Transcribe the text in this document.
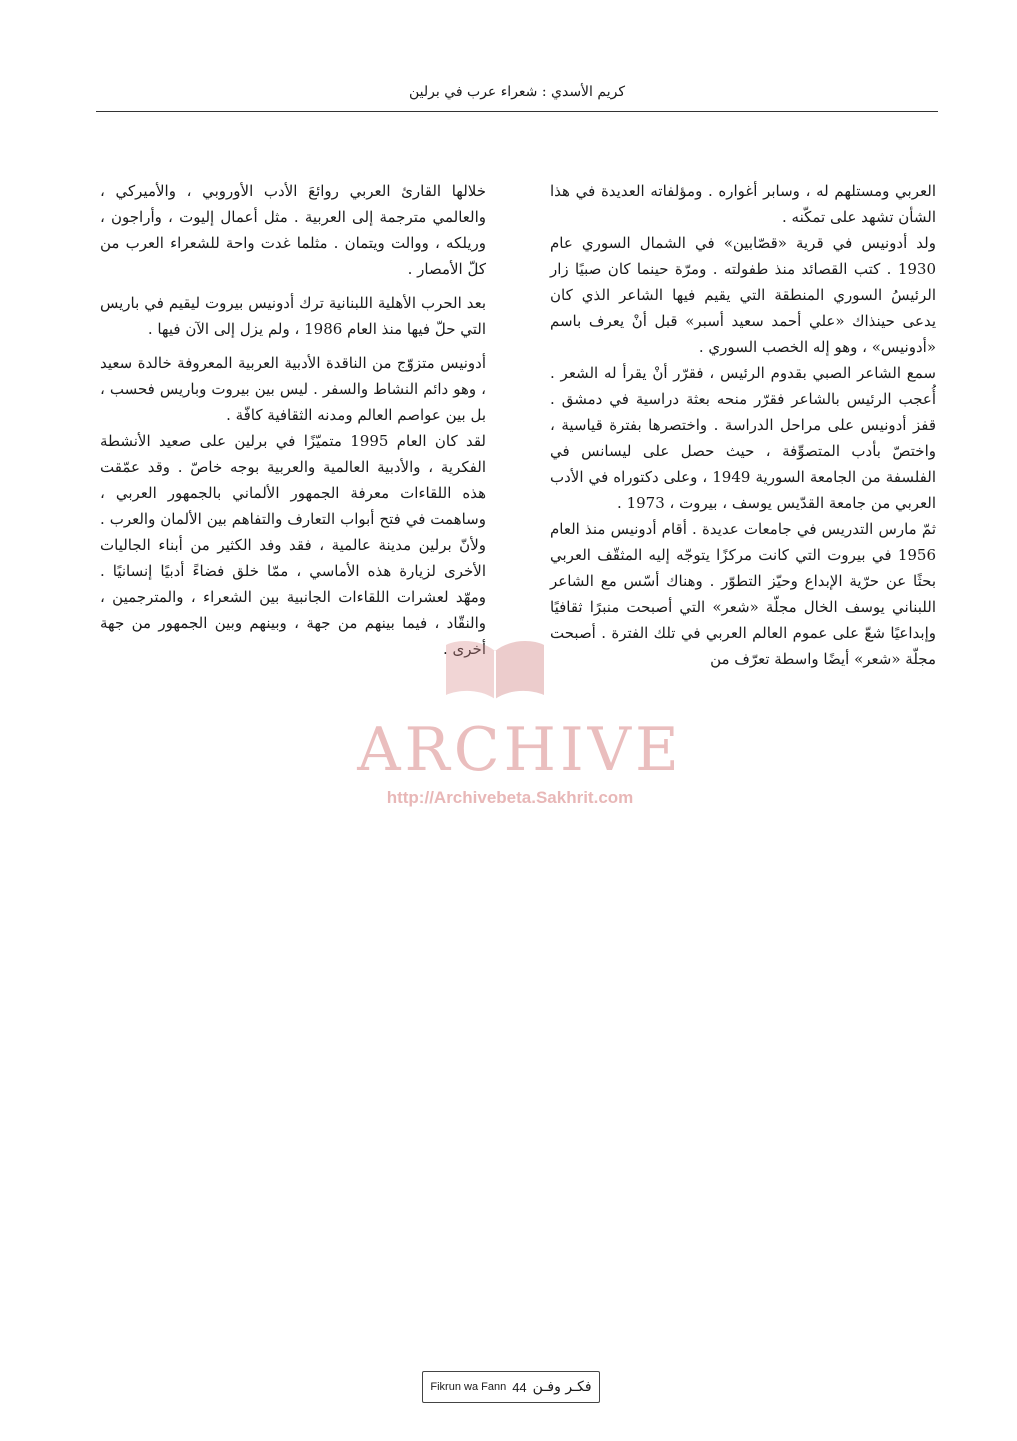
كريم الأسدي : شعراء عرب في برلين

العربي ومستلهم له ، وسابر أغواره . ومؤلفاته العديدة في هذا الشأن تشهد على تمكّنه .

ولد أدونيس في قرية «قصّابين» في الشمال السوري عام 1930 . كتب القصائد منذ طفولته . ومرّة حينما كان صبيًا زار الرئيسُ السوري المنطقة التي يقيم فيها الشاعر الذي كان يدعى حينذاك «علي أحمد سعيد أسبر» قبل أنْ يعرف باسم «أدونيس» ، وهو إله الخصب السوري .

سمع الشاعر الصبي بقدوم الرئيس ، فقرّر أنْ يقرأ له الشعر . أُعجب الرئيس بالشاعر فقرّر منحه بعثة دراسية في دمشق . قفز أدونيس على مراحل الدراسة . واختصرها بفترة قياسية ، واختصّ بأدب المتصوِّفة ، حيث حصل على ليسانس في الفلسفة من الجامعة السورية 1949 ، وعلى دكتوراه في الأدب العربي من جامعة القدّيس يوسف ، بيروت ، 1973 .

ثمّ مارس التدريس في جامعات عديدة . أقام أدونيس منذ العام 1956 في بيروت التي كانت مركزًا يتوجّه إليه المثقّف العربي بحثًا عن حرّية الإبداع وحيّز التطوّر . وهناك أسّس مع الشاعر اللبناني يوسف الخال مجلّة «شعر» التي أصبحت منبرًا ثقافيًا وإبداعيًا شعّ على عموم العالم العربي في تلك الفترة . أصبحت مجلّة «شعر» أيضًا واسطة تعرّف من

خلالها القارئ العربي روائعَ الأدب الأوروبي ، والأميركي ، والعالمي مترجمة إلى العربية . مثل أعمال إليوت ، وأراجون ، وريلكه ، ووالت ويتمان . مثلما غدت واحة للشعراء العرب من كلّ الأمصار .

بعد الحرب الأهلية اللبنانية ترك أدونيس بيروت ليقيم في باريس التي حلّ فيها منذ العام 1986 ، ولم يزل إلى الآن فيها .

أدونيس متزوّج من الناقدة الأدبية العربية المعروفة خالدة سعيد ، وهو دائم النشاط والسفر . ليس بين بيروت وباريس فحسب ، بل بين عواصم العالم ومدنه الثقافية كافّة .

لقد كان العام 1995 متميّزًا في برلين على صعيد الأنشطة الفكرية ، والأدبية العالمية والعربية بوجه خاصّ . وقد عمّقت هذه اللقاءات معرفة الجمهور الألماني بالجمهور العربي ، وساهمت في فتح أبواب التعارف والتفاهم بين الألمان والعرب . ولأنّ برلين مدينة عالمية ، فقد وفد الكثير من أبناء الجاليات الأخرى لزيارة هذه الأماسي ، ممّا خلق فضاءً أدبيًا إنسانيًا . ومهّد لعشرات اللقاءات الجانبية بين الشعراء ، والمترجمين ، والنقّاد ، فيما بينهم من جهة ، وبينهم وبين الجمهور من جهة أخرى .

ARCHIVE
http://Archivebeta.Sakhrit.com
Fikrun wa Fann 44 فكـر وفـن
